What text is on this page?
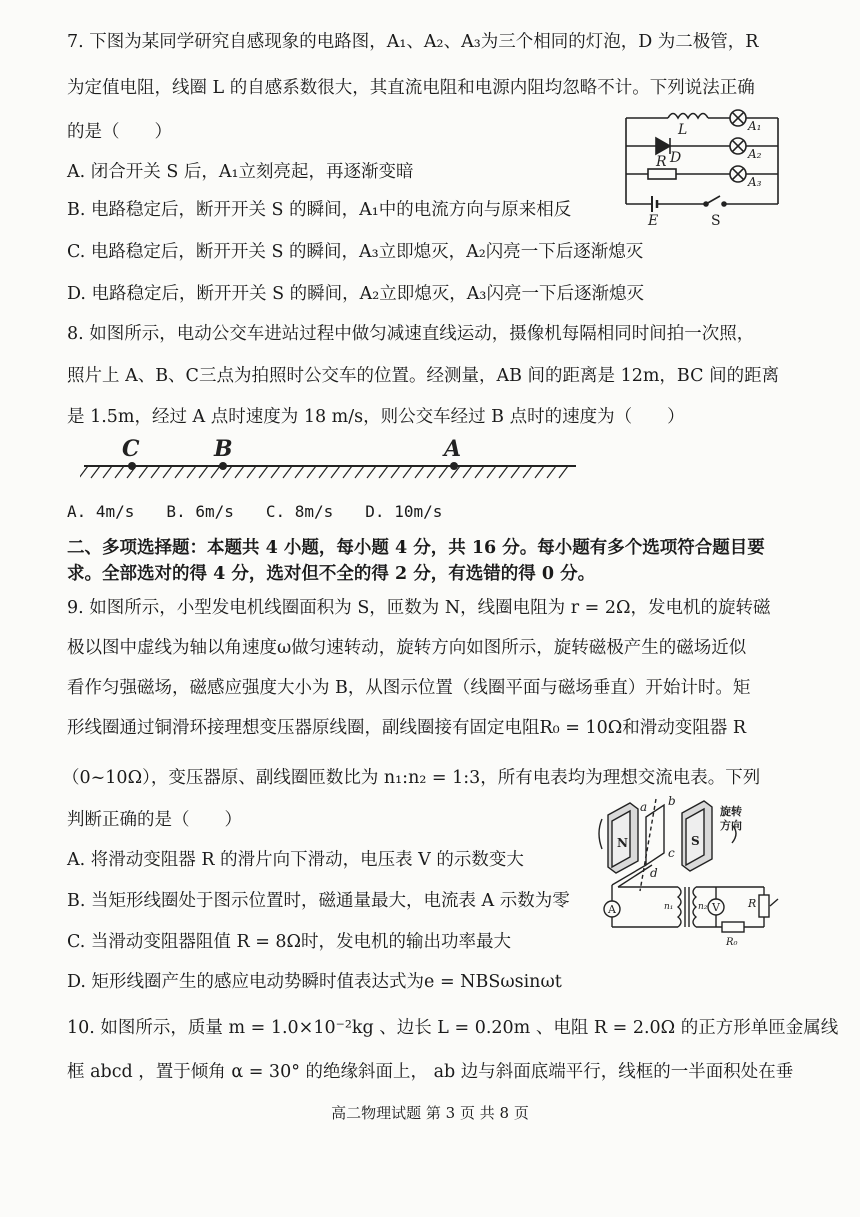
7. 下图为某同学研究自感现象的电路图，A₁、A₂、A₃为三个相同的灯泡，D 为二极管，R
为定值电阻，线圈 L 的自感系数很大，其直流电阻和电源内阻均忽略不计。下列说法正确
的是（　　）
A. 闭合开关 S 后，A₁立刻亮起，再逐渐变暗
B. 电路稳定后，断开开关 S 的瞬间，A₁中的电流方向与原来相反
C. 电路稳定后，断开开关 S 的瞬间，A₃立即熄灭，A₂闪亮一下后逐渐熄灭
D. 电路稳定后，断开开关 S 的瞬间，A₂立即熄灭，A₃闪亮一下后逐渐熄灭
L
D
R
E
A₁
A₂
A₃
S
8. 如图所示，电动公交车进站过程中做匀减速直线运动，摄像机每隔相同时间拍一次照，
照片上 A、B、C三点为拍照时公交车的位置。经测量，AB 间的距离是 12m，BC 间的距离
是 1.5m，经过 A 点时速度为 18 m/s，则公交车经过 B 点时的速度为（　　）
C	B	A
A. 4m/s　　B. 6m/s　　C. 8m/s　　D. 10m/s
二、多项选择题：本题共 4 小题，每小题 4 分，共 16 分。每小题有多个选项符合题目要
求。全部选对的得 4 分，选对但不全的得 2 分，有选错的得 0 分。
9. 如图所示，小型发电机线圈面积为 S，匝数为 N，线圈电阻为 r = 2Ω，发电机的旋转磁
极以图中虚线为轴以角速度ω做匀速转动，旋转方向如图所示，旋转磁极产生的磁场近似
看作匀强磁场，磁感应强度大小为 B，从图示位置（线圈平面与磁场垂直）开始计时。矩
形线圈通过铜滑环接理想变压器原线圈，副线圈接有固定电阻R₀ = 10Ω和滑动变阻器 R
（0~10Ω），变压器原、副线圈匝数比为 n₁:n₂ = 1:3，所有电表均为理想交流电表。下列
判断正确的是（　　）
A. 将滑动变阻器 R 的滑片向下滑动，电压表 V 的示数变大
B. 当矩形线圈处于图示位置时，磁通量最大，电流表 A 示数为零
C. 当滑动变阻器阻值 R = 8Ω时，发电机的输出功率最大
D. 矩形线圈产生的感应电动势瞬时值表达式为e = NBSωsinωt
N	S
a b
c
d
旋转
方向
A	V
n₁	n₂	R
R₀
10. 如图所示，质量 m = 1.0×10⁻²kg 、边长 L = 0.20m 、电阻 R = 2.0Ω 的正方形单匝金属线
框 abcd ，置于倾角 α = 30° 的绝缘斜面上， ab 边与斜面底端平行，线框的一半面积处在垂
高二物理试题 第 3 页 共 8 页
